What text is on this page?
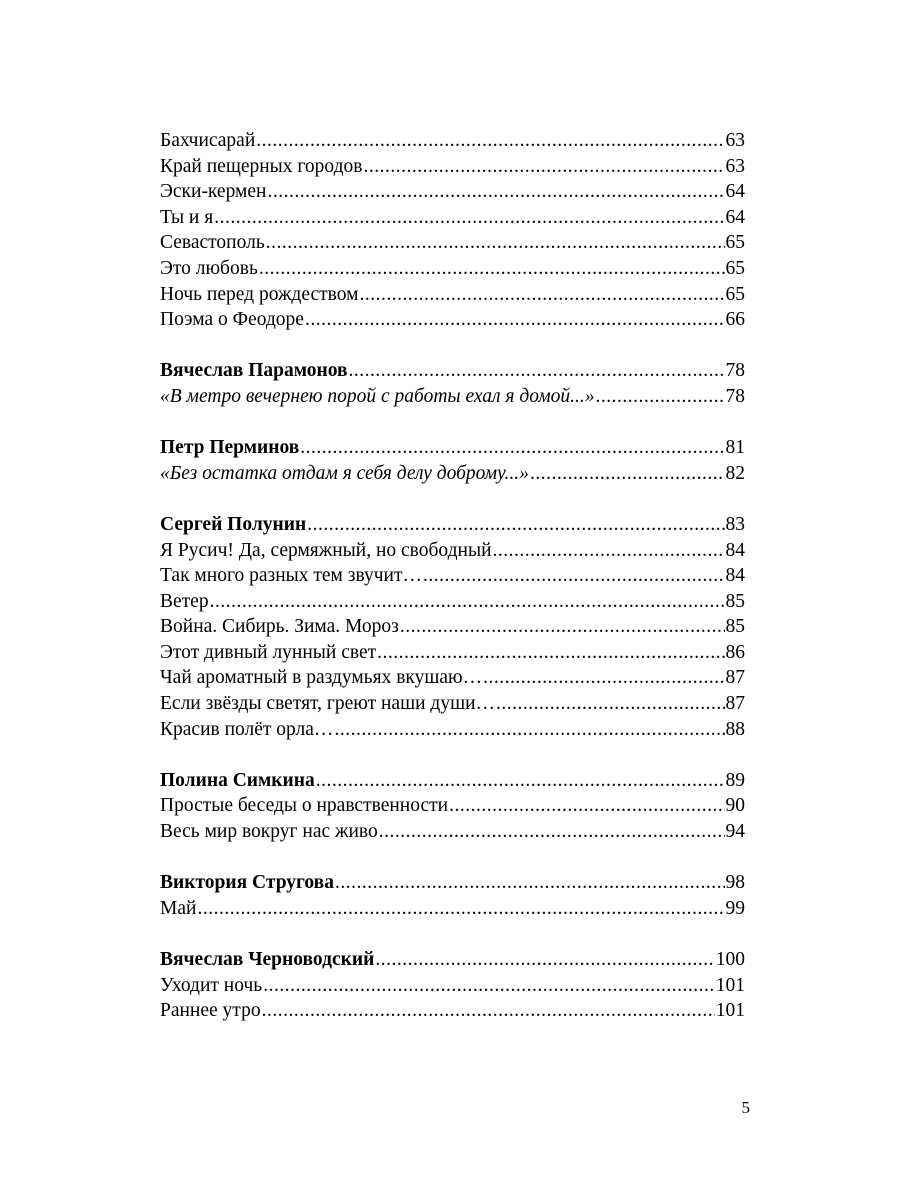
Бахчисарай .....	63
Край пещерных городов .....	63
Эски-кермен .....	64
Ты и я .....	64
Севастополь .....	65
Это любовь .....	65
Ночь перед рождеством .....	65
Поэма о Феодоре .....	66
Вячеслав Парамонов .....	78
«В метро вечернею порой с работы ехал я домой...» .....	78
Петр Перминов .....	81
«Без остатка отдам я себя делу доброму...» .....	82
Сергей Полунин .....	83
Я Русич! Да, сермяжный, но свободный .....	84
Так много разных тем звучит… .....	84
Ветер .....	85
Война. Сибирь. Зима. Мороз .....	85
Этот дивный лунный свет .....	86
Чай ароматный в раздумьях вкушаю… .....	87
Если звёзды светят, греют наши души… .....	87
Красив полёт орла… .....	88
Полина Симкина .....	89
Простые беседы о нравственности .....	90
Весь мир вокруг нас живо .....	94
Виктория Стругова .....	98
Май .....	99
Вячеслав Черноводский .....	100
Уходит ночь .....	101
Раннее утро .....	101
5
